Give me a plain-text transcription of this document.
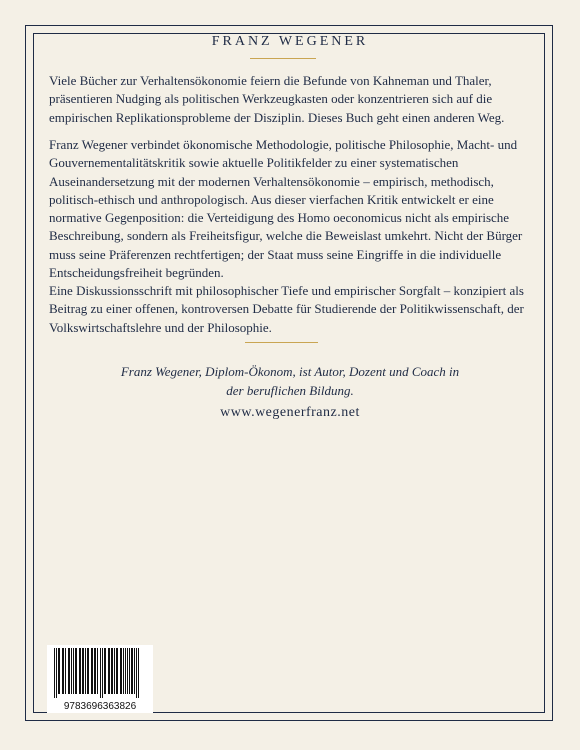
FRANZ WEGENER

Viele Bücher zur Verhaltensökonomie feiern die Befunde von Kahneman und Thaler, präsentieren Nudging als politischen Werkzeugkasten oder konzentrieren sich auf die empirischen Replikationsprobleme der Disziplin. Dieses Buch geht einen anderen Weg.

Franz Wegener verbindet ökonomische Methodologie, politische Philosophie, Macht- und Gouvernementalitätskritik sowie aktuelle Politikfelder zu einer systematischen Auseinandersetzung mit der modernen Verhaltensökonomie – empirisch, methodisch, politisch-ethisch und anthropologisch. Aus dieser vierfachen Kritik entwickelt er eine normative Gegenposition: die Verteidigung des Homo oeconomicus nicht als empirische Beschreibung, sondern als Freiheitsfigur, welche die Beweislast umkehrt. Nicht der Bürger muss seine Präferenzen rechtfertigen; der Staat muss seine Eingriffe in die individuelle Entscheidungsfreiheit begründen.

Eine Diskussionsschrift mit philosophischer Tiefe und empirischer Sorgfalt – konzipiert als Beitrag zu einer offenen, kontroversen Debatte für Studierende der Politikwissenschaft, der Volkswirtschaftslehre und der Philosophie.

Franz Wegener, Diplom-Ökonom, ist Autor, Dozent und Coach in
der beruflichen Bildung.
www.wegenerfranz.net
9783696363826
